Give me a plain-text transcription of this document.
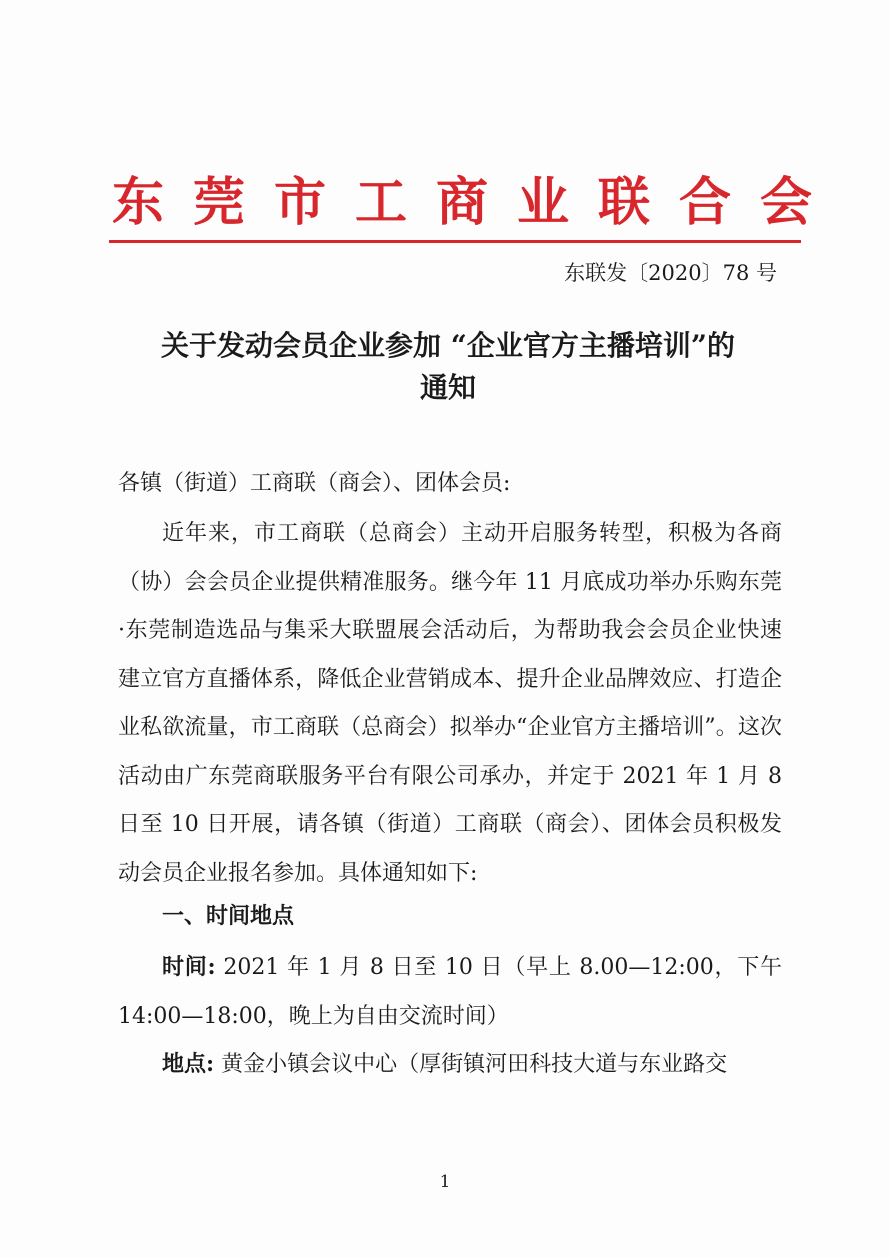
东莞市工商业联合会
东联发〔2020〕78 号
关于发动会员企业参加 “企业官方主播培训”的
通知

各镇（街道）工商联（商会）、团体会员:

近年来，市工商联（总商会）主动开启服务转型，积极为各商（协）会会员企业提供精准服务。继今年 11 月底成功举办乐购东莞·东莞制造选品与集采大联盟展会活动后，为帮助我会会员企业快速建立官方直播体系，降低企业营销成本、提升企业品牌效应、打造企业私欲流量，市工商联（总商会）拟举办“企业官方主播培训”。这次活动由广东莞商联服务平台有限公司承办，并定于 2021 年 1 月 8 日至 10 日开展，请各镇（街道）工商联（商会）、团体会员积极发动会员企业报名参加。具体通知如下:

一、时间地点

时间: 2021 年 1 月 8 日至 10 日（早上 8.00—12:00，下午 14:00—18:00，晚上为自由交流时间）

地点: 黄金小镇会议中心（厚街镇河田科技大道与东业路交

1
